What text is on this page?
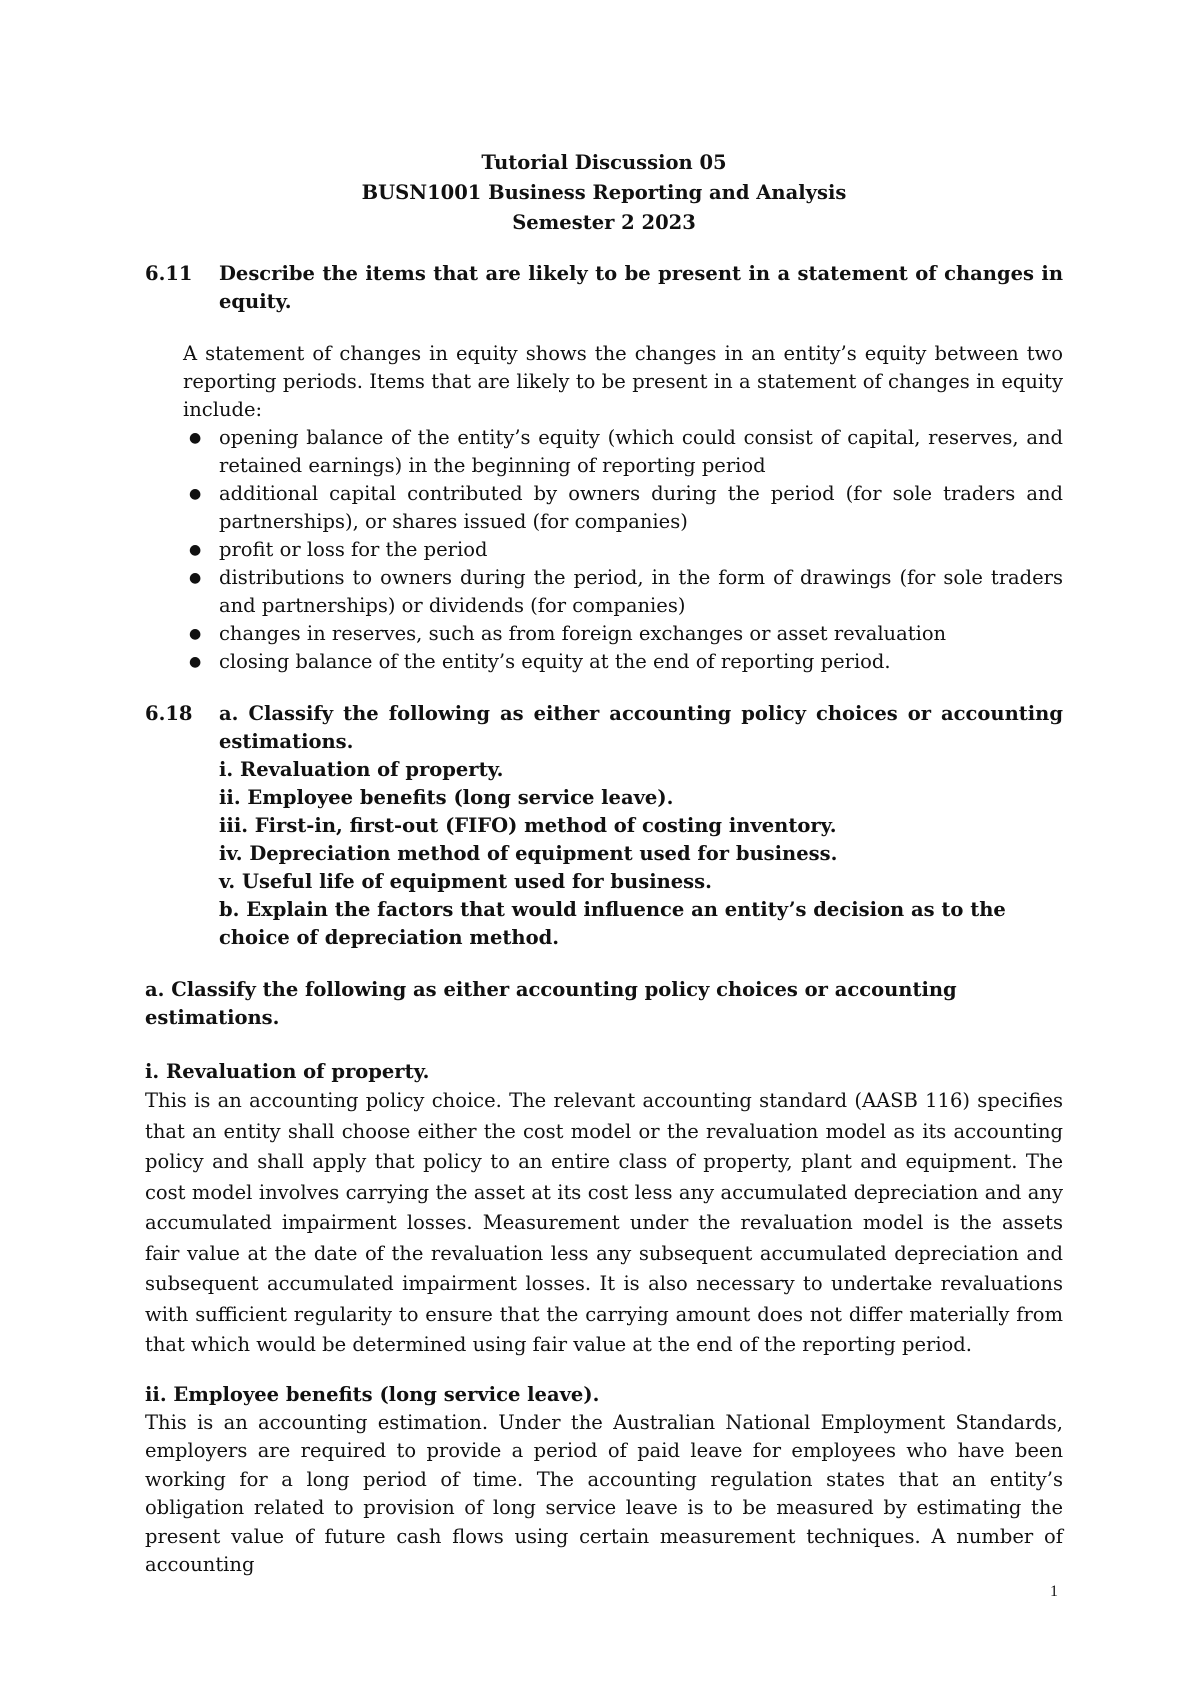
Tutorial Discussion 05
BUSN1001 Business Reporting and Analysis
Semester 2 2023
6.11	Describe the items that are likely to be present in a statement of changes in equity.
A statement of changes in equity shows the changes in an entity’s equity between two reporting periods. Items that are likely to be present in a statement of changes in equity include:
● opening balance of the entity’s equity (which could consist of capital, reserves, and retained earnings) in the beginning of reporting period
● additional capital contributed by owners during the period (for sole traders and partnerships), or shares issued (for companies)
● profit or loss for the period
● distributions to owners during the period, in the form of drawings (for sole traders and partnerships) or dividends (for companies)
● changes in reserves, such as from foreign exchanges or asset revaluation
● closing balance of the entity’s equity at the end of reporting period.
6.18	a. Classify the following as either accounting policy choices or accounting estimations.
i. Revaluation of property.
ii. Employee benefits (long service leave).
iii. First-in, first-out (FIFO) method of costing inventory.
iv. Depreciation method of equipment used for business.
v. Useful life of equipment used for business.
b. Explain the factors that would influence an entity’s decision as to the choice of depreciation method.
a. Classify the following as either accounting policy choices or accounting estimations.
i. Revaluation of property.
This is an accounting policy choice. The relevant accounting standard (AASB 116) specifies that an entity shall choose either the cost model or the revaluation model as its accounting policy and shall apply that policy to an entire class of property, plant and equipment. The cost model involves carrying the asset at its cost less any accumulated depreciation and any accumulated impairment losses. Measurement under the revaluation model is the assets fair value at the date of the revaluation less any subsequent accumulated depreciation and subsequent accumulated impairment losses. It is also necessary to undertake revaluations with sufficient regularity to ensure that the carrying amount does not differ materially from that which would be determined using fair value at the end of the reporting period.
ii. Employee benefits (long service leave).
This is an accounting estimation. Under the Australian National Employment Standards, employers are required to provide a period of paid leave for employees who have been working for a long period of time. The accounting regulation states that an entity’s obligation related to provision of long service leave is to be measured by estimating the present value of future cash flows using certain measurement techniques. A number of accounting
1
